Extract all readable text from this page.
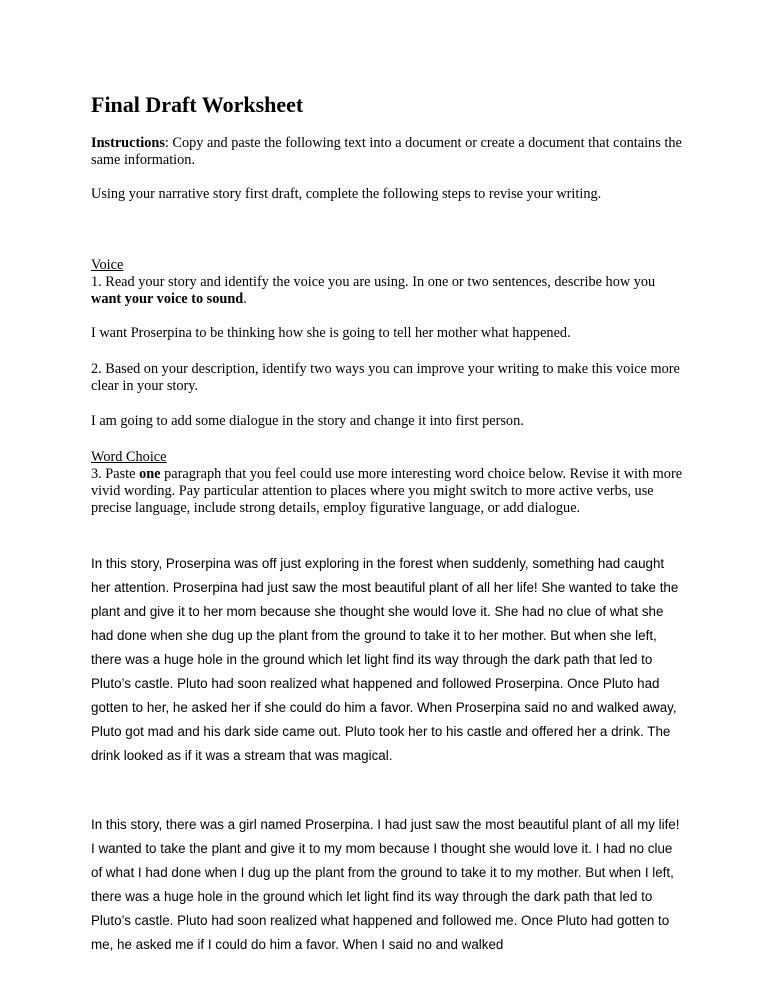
Final Draft Worksheet

Instructions: Copy and paste the following text into a document or create a document that contains the same information.

Using your narrative story first draft, complete the following steps to revise your writing.

Voice

1. Read your story and identify the voice you are using. In one or two sentences, describe how you want your voice to sound.

I want Proserpina to be thinking how she is going to tell her mother what happened.

2. Based on your description, identify two ways you can improve your writing to make this voice more clear in your story.

I am going to add some dialogue in the story and change it into first person.

Word Choice

3. Paste one paragraph that you feel could use more interesting word choice below. Revise it with more vivid wording. Pay particular attention to places where you might switch to more active verbs, use precise language, include strong details, employ figurative language, or add dialogue.

In this story, Proserpina was off just exploring in the forest when suddenly, something had caught her attention. Proserpina had just saw the most beautiful plant of all her life! She wanted to take the plant and give it to her mom because she thought she would love it. She had no clue of what she had done when she dug up the plant from the ground to take it to her mother. But when she left, there was a huge hole in the ground which let light find its way through the dark path that led to Pluto’s castle. Pluto had soon realized what happened and followed Proserpina. Once Pluto had gotten to her, he asked her if she could do him a favor. When Proserpina said no and walked away, Pluto got mad and his dark side came out. Pluto took her to his castle and offered her a drink. The drink looked as if it was a stream that was magical.

In this story, there was a girl named Proserpina. I had just saw the most beautiful plant of all my life! I wanted to take the plant and give it to my mom because I thought she would love it. I had no clue of what I had done when I dug up the plant from the ground to take it to my mother. But when I left, there was a huge hole in the ground which let light find its way through the dark path that led to Pluto’s castle. Pluto had soon realized what happened and followed me. Once Pluto had gotten to me, he asked me if I could do him a favor. When I said no and walked
